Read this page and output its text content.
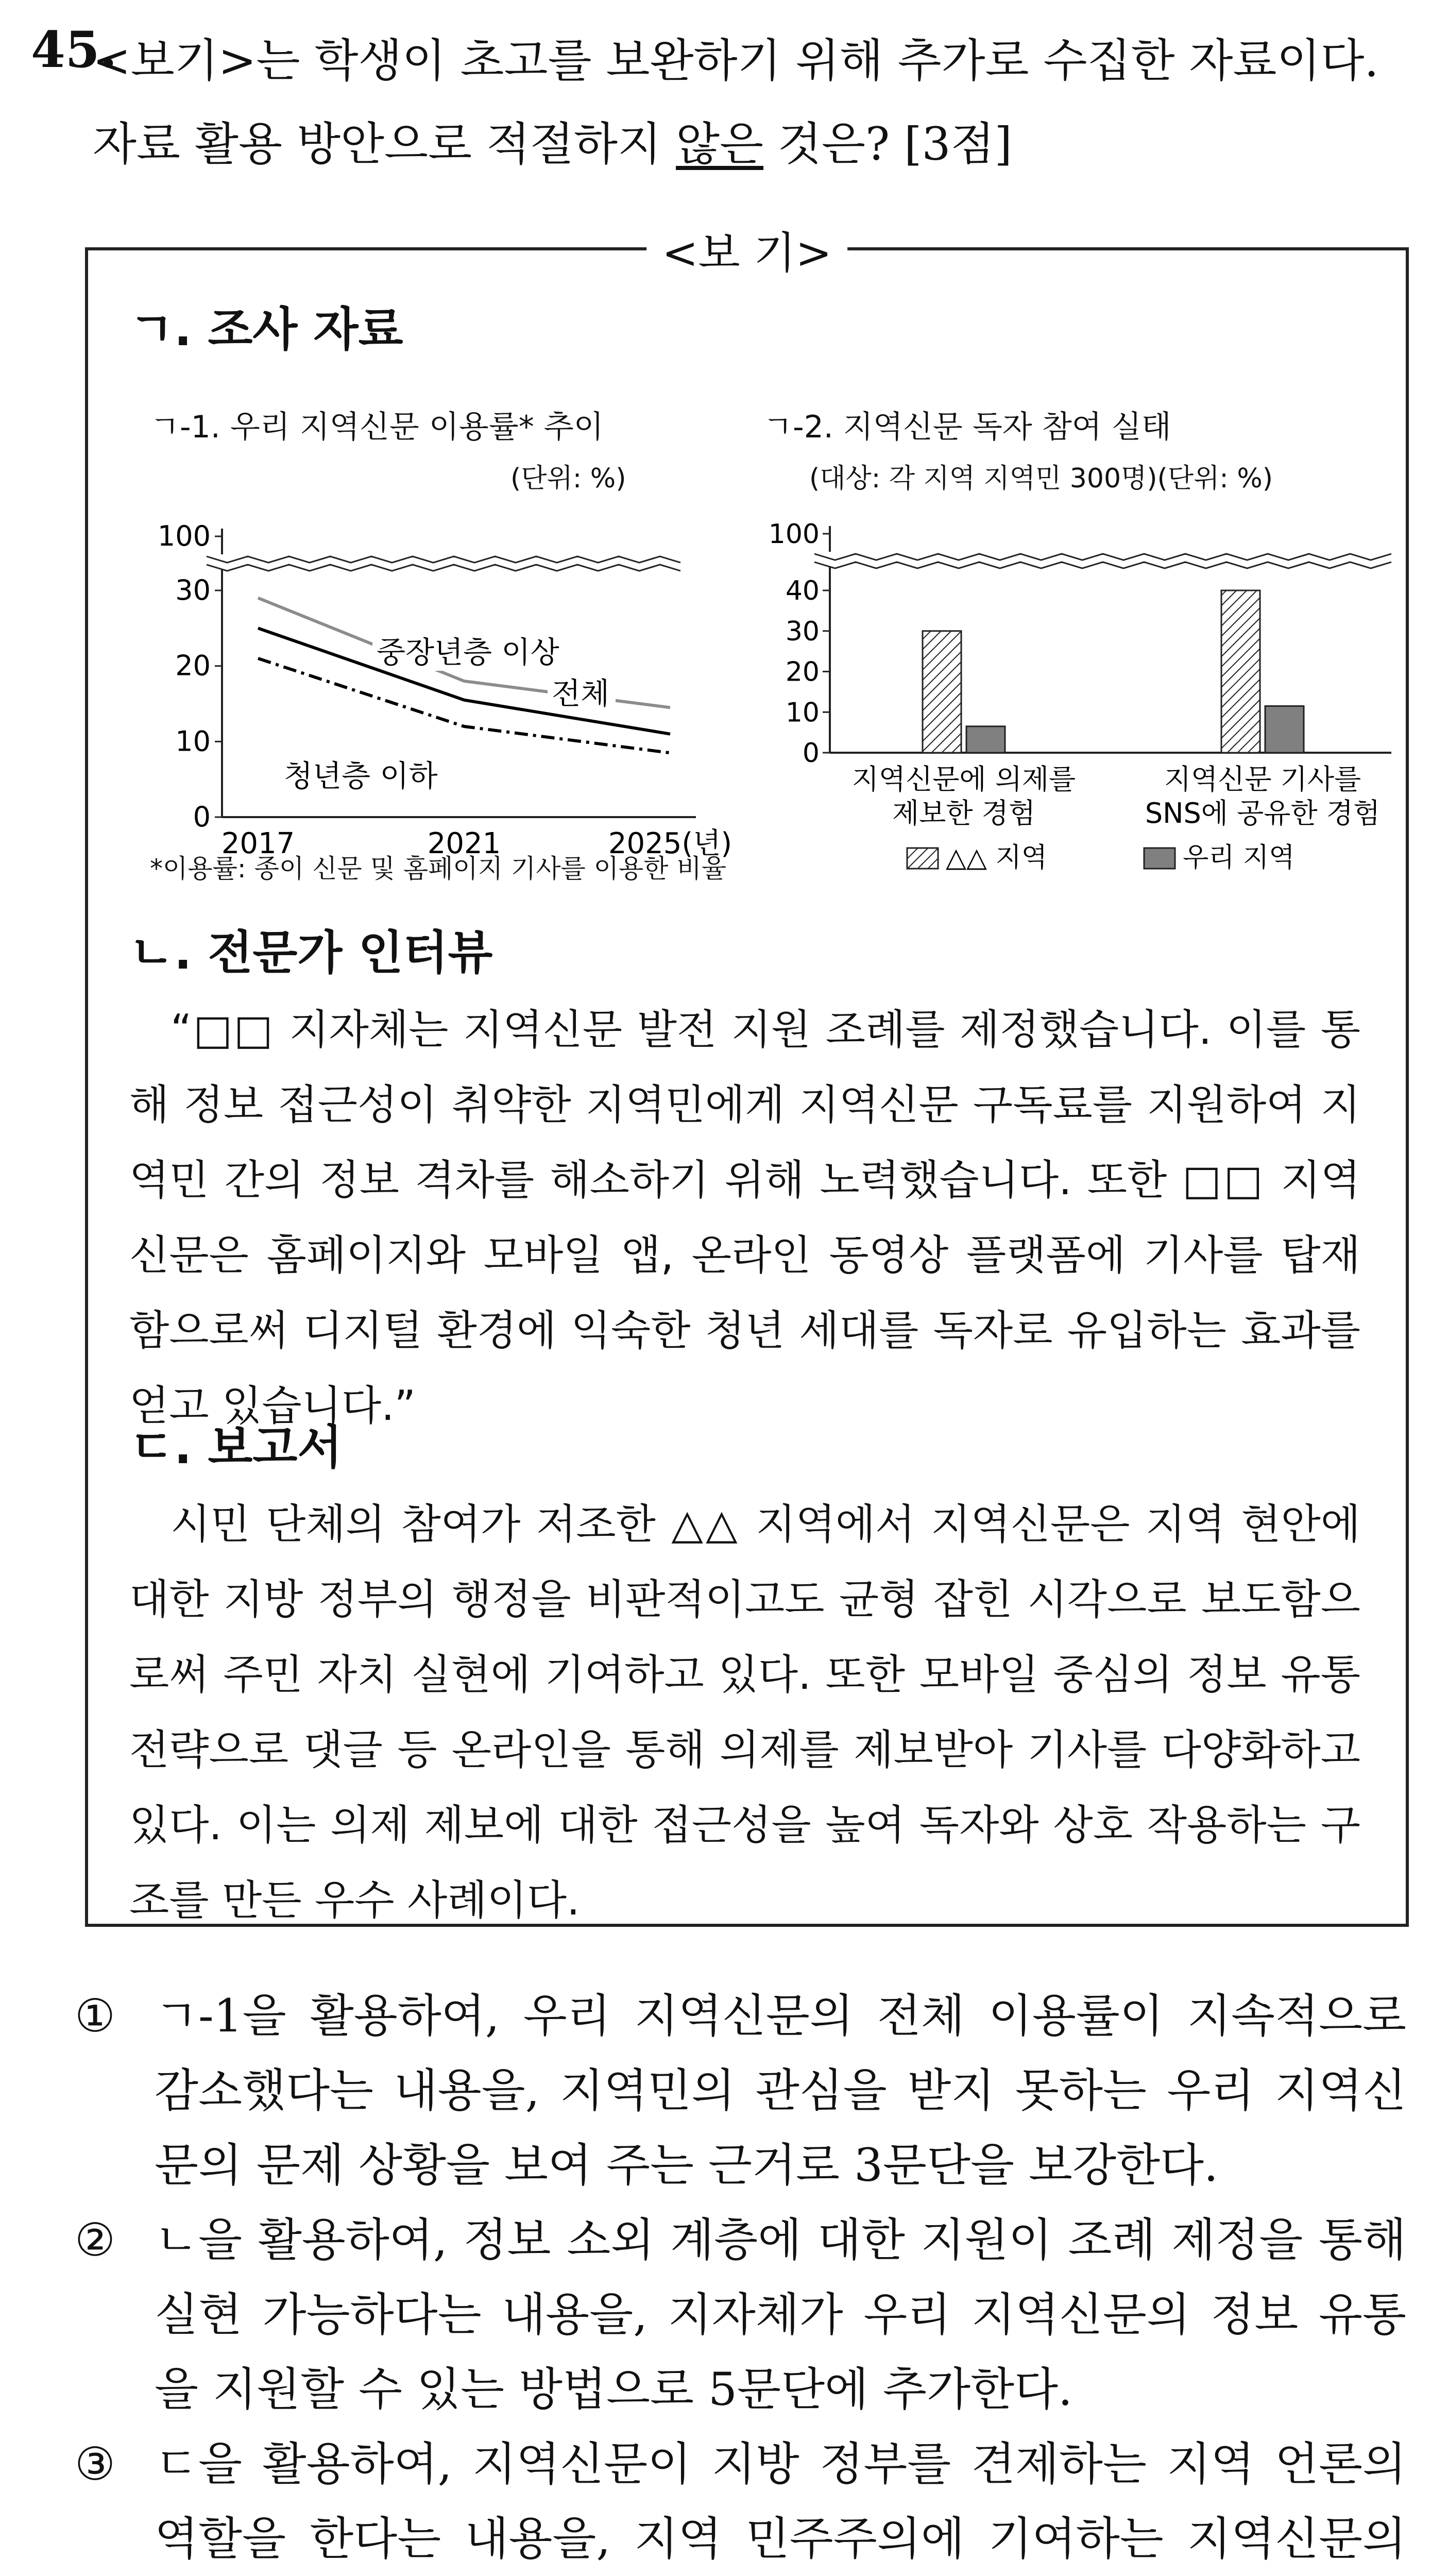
45.
<보기>는 학생이 초고를 보완하기 위해 추가로 수집한 자료이다.
자료 활용 방안으로 적절하지 않은 것은? [3점]
<보 기>
ㄱ. 조사 자료
ㄱ-1. 우리 지역신문 이용률* 추이
(단위: %)
0
10
20
30
100
2017	2021	2025(년)
중장년층 이상
전체
청년층 이하
*이용률: 종이 신문 및 홈페이지 기사를 이용한 비율
ㄱ-2. 지역신문 독자 참여 실태
(대상: 각 지역 지역민 300명)(단위: %)
0
10
20
30
40
100
지역신문에 의제를
제보한 경험
지역신문 기사를
SNS에 공유한 경험
△△ 지역	우리 지역
ㄴ. 전문가 인터뷰
“□□ 지자체는 지역신문 발전 지원 조례를 제정했습니다. 이를 통해 정보 접근성이 취약한 지역민에게 지역신문 구독료를 지원하여 지역민 간의 정보 격차를 해소하기 위해 노력했습니다. 또한 □□ 지역신문은 홈페이지와 모바일 앱, 온라인 동영상 플랫폼에 기사를 탑재함으로써 디지털 환경에 익숙한 청년 세대를 독자로 유입하는 효과를 얻고 있습니다.”
ㄷ. 보고서
시민 단체의 참여가 저조한 △△ 지역에서 지역신문은 지역 현안에 대한 지방 정부의 행정을 비판적이고도 균형 잡힌 시각으로 보도함으로써 주민 자치 실현에 기여하고 있다. 또한 모바일 중심의 정보 유통 전략으로 댓글 등 온라인을 통해 의제를 제보받아 기사를 다양화하고 있다. 이는 의제 제보에 대한 접근성을 높여 독자와 상호 작용하는 구조를 만든 우수 사례이다.
① ㄱ-1을 활용하여, 우리 지역신문의 전체 이용률이 지속적으로 감소했다는 내용을, 지역민의 관심을 받지 못하는 우리 지역신문의 문제 상황을 보여 주는 근거로 3문단을 보강한다.
② ㄴ을 활용하여, 정보 소외 계층에 대한 지원이 조례 제정을 통해 실현 가능하다는 내용을, 지자체가 우리 지역신문의 정보 유통을 지원할 수 있는 방법으로 5문단에 추가한다.
③ ㄷ을 활용하여, 지역신문이 지방 정부를 견제하는 지역 언론의 역할을 한다는 내용을, 지역 민주주의에 기여하는 지역신문의
